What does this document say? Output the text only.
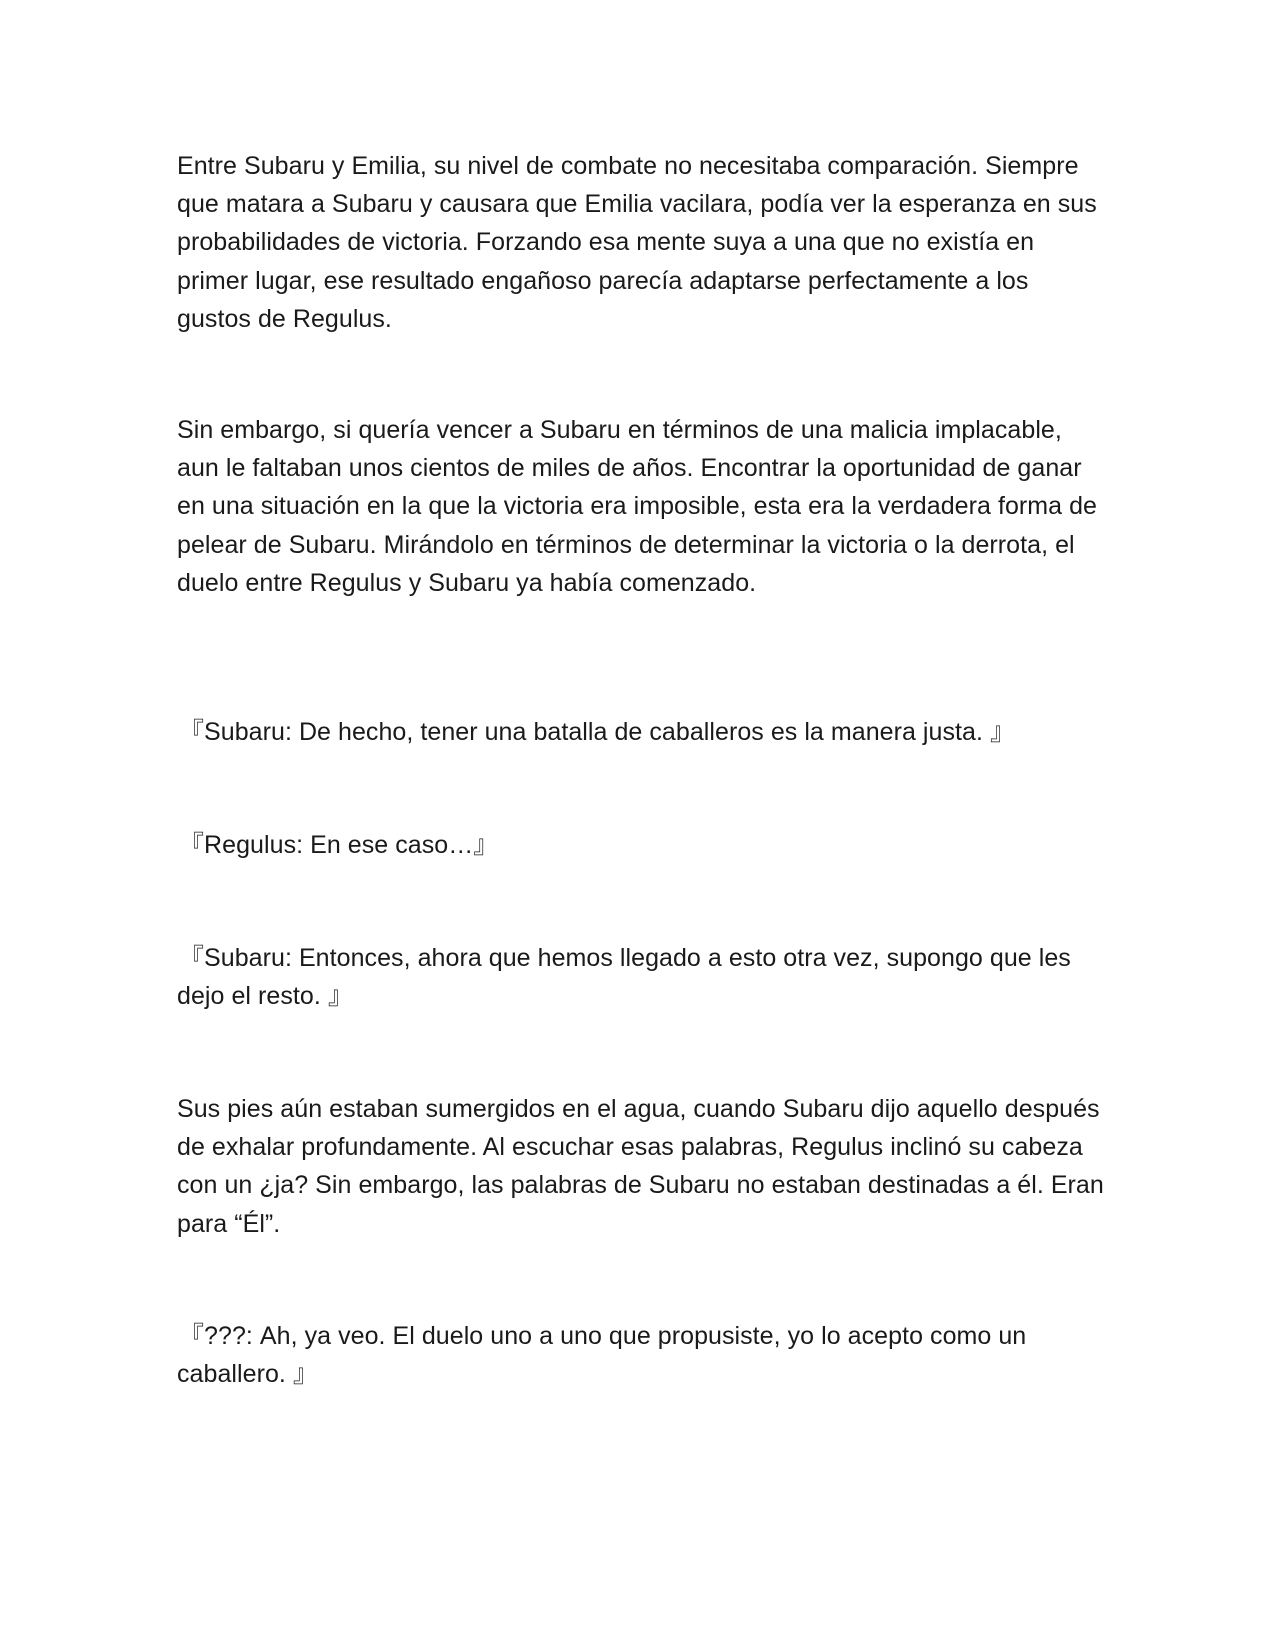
Entre Subaru y Emilia, su nivel de combate no necesitaba comparación. Siempre que matara a Subaru y causara que Emilia vacilara, podía ver la esperanza en sus probabilidades de victoria. Forzando esa mente suya a una que no existía en primer lugar, ese resultado engañoso parecía adaptarse perfectamente a los gustos de Regulus.

Sin embargo, si quería vencer a Subaru en términos de una malicia implacable, aun le faltaban unos cientos de miles de años. Encontrar la oportunidad de ganar en una situación en la que la victoria era imposible, esta era la verdadera forma de pelear de Subaru. Mirándolo en términos de determinar la victoria o la derrota, el duelo entre Regulus y Subaru ya había comenzado.

『Subaru: De hecho, tener una batalla de caballeros es la manera justa. 』

『Regulus: En ese caso…』

『Subaru: Entonces, ahora que hemos llegado a esto otra vez, supongo que les dejo el resto. 』

Sus pies aún estaban sumergidos en el agua, cuando Subaru dijo aquello después de exhalar profundamente. Al escuchar esas palabras, Regulus inclinó su cabeza con un ¿ja? Sin embargo, las palabras de Subaru no estaban destinadas a él. Eran para “Él”.

『???: Ah, ya veo. El duelo uno a uno que propusiste, yo lo acepto como un caballero. 』
